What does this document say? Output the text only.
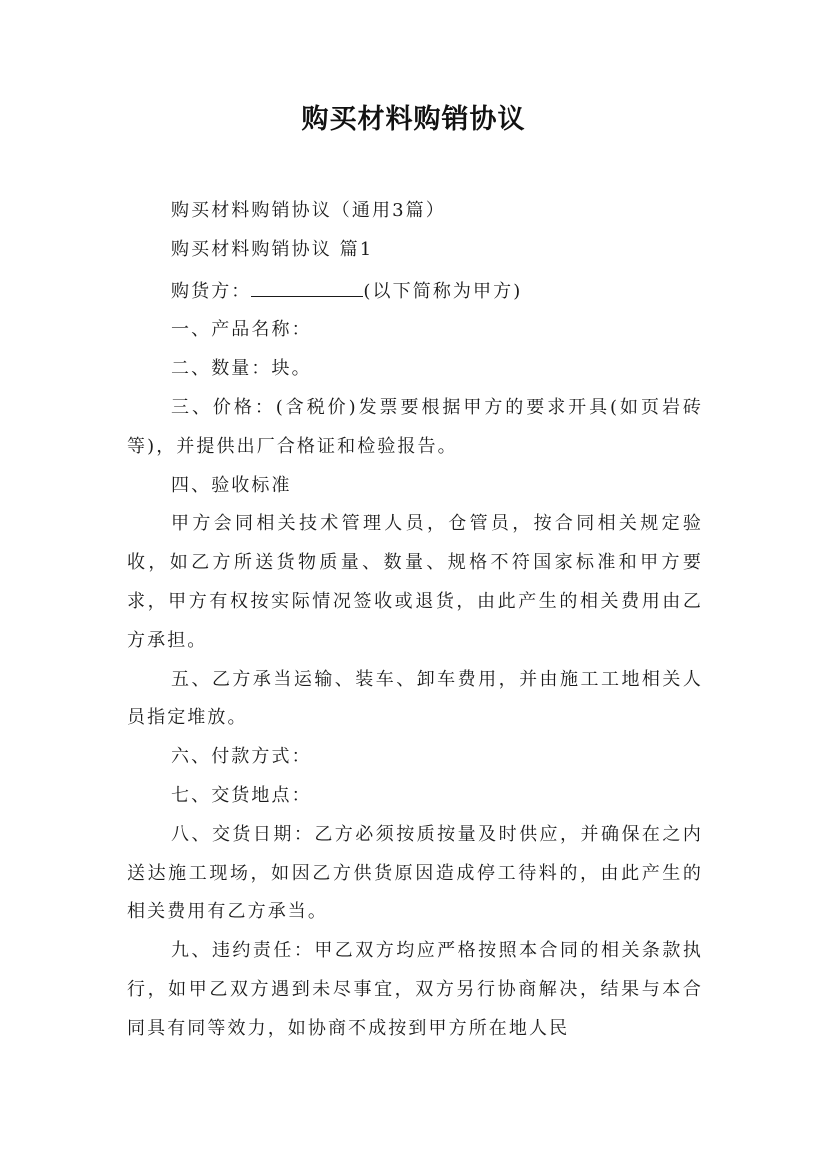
购买材料购销协议

购买材料购销协议（通用3篇）

购买材料购销协议 篇1

购货方：	(以下简称为甲方)

一、产品名称：

二、数量：块。

三、价格：(含税价)发票要根据甲方的要求开具(如页岩砖等)，并提供出厂合格证和检验报告。

四、验收标准

甲方会同相关技术管理人员，仓管员，按合同相关规定验收，如乙方所送货物质量、数量、规格不符国家标准和甲方要求，甲方有权按实际情况签收或退货，由此产生的相关费用由乙方承担。

五、乙方承当运输、装车、卸车费用，并由施工工地相关人员指定堆放。

六、付款方式：

七、交货地点：

八、交货日期：乙方必须按质按量及时供应，并确保在之内送达施工现场，如因乙方供货原因造成停工待料的，由此产生的相关费用有乙方承当。

九、违约责任：甲乙双方均应严格按照本合同的相关条款执行，如甲乙双方遇到未尽事宜，双方另行协商解决，结果与本合同具有同等效力，如协商不成按到甲方所在地人民
